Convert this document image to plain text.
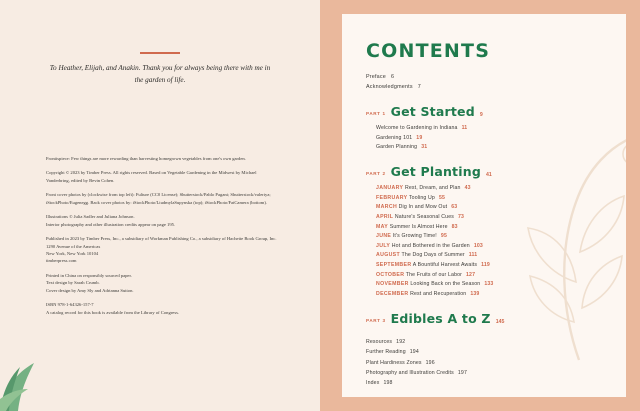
To Heather, Elijah, and Anakin. Thank you for always being there with me in the garden of life.

Frontispiece: Few things are more rewarding than harvesting homegrown vegetables from one's own garden.

Copyright © 2023 by Timber Press. All rights reserved. Based on Vegetable Gardening in the Midwest by Michael Vanderbring, edited by Bevin Cohen.

Front cover photos by (clockwise from top left): Fulture (CC0 License); Shutterstock/Pablo Pagani; Shutterstock/valeriya; iStockPhoto/Eugenegg. Back cover photos by: iStockPhoto/LiudmylaSupynska (top); iStockPhoto/FatCamera (bottom).

Illustrations © Julia Sadler and Juliana Johnson.

Interior photography and other illustration credits appear on page 195.

Published in 2023 by Timber Press, Inc., a subsidiary of Workman Publishing Co., a subsidiary of Hachette Book Group, Inc.

1290 Avenue of the Americas

New York, New York 10104

timberpress.com

Printed in China on responsibly sourced paper.

Text design by Sarah Crumb.

Cover design by Amy Sly and Adrianna Sutton.

ISBN 978-1-64326-157-7

A catalog record for this book is available from the Library of Congress.

CONTENTS
Preface 6
Acknowledgments 7
PART 1 Get Started 9
Welcome to Gardening in Indiana 11
Gardening 101 19
Garden Planning 31
PART 2 Get Planting 41
JANUARY Rest, Dream, and Plan 43
FEBRUARY Tooling Up 55
MARCH Dig In and Mow Out 63
APRIL Nature's Seasonal Cues 73
MAY Summer Is Almost Here 83
JUNE It's Growing Time! 95
JULY Hot and Bothered in the Garden 103
AUGUST The Dog Days of Summer 111
SEPTEMBER A Bountiful Harvest Awaits 119
OCTOBER The Fruits of our Labor 127
NOVEMBER Looking Back on the Season 133
DECEMBER Rest and Recuperation 139
PART 3 Edibles A to Z 145
Resources 192
Further Reading 194
Plant Hardiness Zones 196
Photography and Illustration Credits 197
Index 198
